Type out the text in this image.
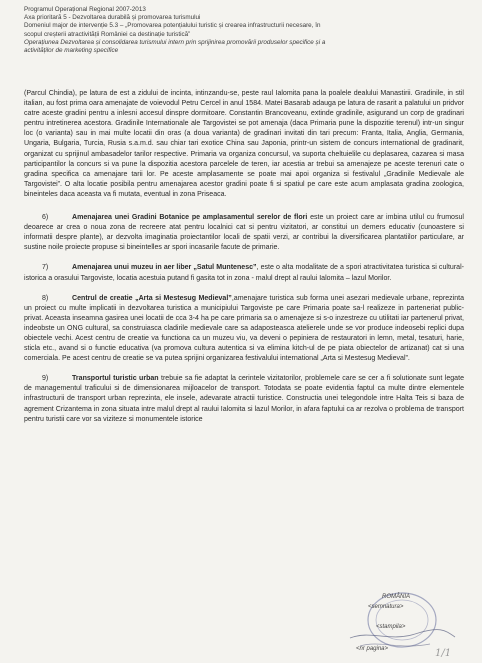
Programul Operațional Regional 2007-2013
Axa prioritară 5 - Dezvoltarea durabilă și promovarea turismului
Domeniul major de intervenție 5.3 – „Promovarea potențialului turistic și crearea infrastructurii necesare, în
scopul creșterii atractivității României ca destinație turistică”
Operațiunea Dezvoltarea și consolidarea turismului intern prin sprijinirea promovării produselor specifice și a
activităților de marketing specifice

(Parcul Chindia), pe latura de est a zidului de incinta, intinzandu-se, peste raul Ialomita pana la poalele dealului Manastirii. Gradinile, in stil italian, au fost prima oara amenajate de voievodul Petru Cercel in anul 1584. Matei Basarab adauga pe latura de rasarit a palatului un pridvor catre aceste gradini pentru a inlesni accesul dinspre dormitoare. Constantin Brancoveanu, extinde gradinile, asigurand un corp de gradinari pentru intretinerea acestora. Gradinile Internationale ale Targovistei se pot amenaja (daca Primaria pune la dispozitie terenul) intr-un singur loc (o varianta) sau in mai multe locatii din oras (a doua varianta) de gradinari invitati din tari precum: Franta, Italia, Anglia, Germania, Ungaria, Bulgaria, Turcia, Rusia s.a.m.d. sau chiar tari exotice China sau Japonia, printr-un sistem de concurs international de gradinarit, organizat cu sprijinul ambasadelor tarilor respective. Primaria va organiza concursul, va suporta cheltuielile cu deplasarea, cazarea si masa participantilor la concurs si va pune la dispozitia acestora parcelele de teren, iar acestia ar trebui sa amenajeze pe aceste terenuri cate o gradina specifica ca amenajare tarii lor. Pe aceste amplasamente se poate mai apoi organiza si festivalul „Gradinile Medievale ale Targovistei”. O alta locatie posibila pentru amenajarea acestor gradini poate fi si spatiul pe care este acum amplasata gradina zoologica, bineinteles daca aceasta va fi mutata, eventual in zona Priseaca.

6)	Amenajarea unei Gradini Botanice pe amplasamentul serelor de flori este un proiect care ar imbina utilul cu frumosul deoarece ar crea o noua zona de recreere atat pentru localnici cat si pentru vizitatori, ar constitui un demers educativ (cunoastere si informatii despre plante), ar dezvolta imaginatia proiectantilor locali de spatii verzi, ar contribui la diversificarea plantatiilor particulare, ar sustine noile proiecte propuse si bineintelles ar spori incasarile facute de primarie.

7)	Amenajarea unui muzeu in aer liber „Satul Muntenesc”, este o alta modalitate de a spori atractivitatea turistica si cultural-istorica a orasului Targoviste, locatia acestuia putand fi gasita tot in zona - malul drept al raului Ialomita – lazul Morilor.

8)	Centrul de creatie „Arta si Mestesug Medieval”,amenajare turistica sub forma unei asezari medievale urbane, reprezinta un proiect cu multe implicatii in dezvoltarea turistica a municipiului Targoviste pe care Primaria poate sa-l realizeze in parteneriat public-privat. Aceasta inseamna gasirea unei locatii de cca 3-4 ha pe care primaria sa o amenajeze si s-o inzestreze cu utilitati iar partenerul privat, indeobste un ONG cultural, sa construiasca cladirile medievale care sa adaposteasca atelierele unde se vor produce indeosebi replici dupa obiectele vechi. Acest centru de creatie va functiona ca un muzeu viu, va deveni o pepiniera de restauratori in lemn, metal, tesaturi, harie, sticla etc., avand si o functie educativa (va promova cultura autentica si va elimina kitch-ul de pe piata obiectelor de artizanat) cat si una comerciala. Pe acest centru de creatie se va putea sprijini organizarea festivalului international „Arta si Mestesug Medieval”.

9)	Transportul turistic urban trebuie sa fie adaptat la cerintele vizitatorilor, problemele care se cer a fi solutionate sunt legate de managementul traficului si de dimensionarea mijloacelor de transport. Totodata se poate evidentia faptul ca multe dintre elementele infrastructurii de transport urban reprezinta, ele insele, adevarate atractii turistice. Constructia unei telegondole intre Halta Teis si baza de agrement Crizantema in zona situata intre malul drept al raului Ialomita si lazul Morilor, in afara faptului ca ar rezolva o problema de transport pentru turistii care vor sa viziteze si monumentele istorice

ROMÂNIA
<semnatura>
<stampila>
<nr pagina>	1/1
